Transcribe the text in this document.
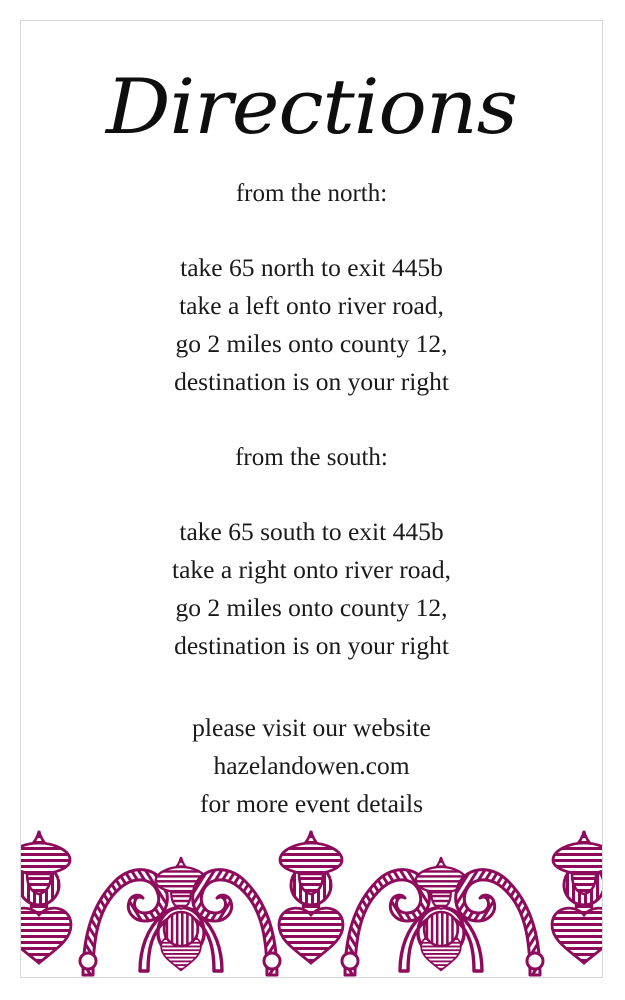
Directions

from the north:

take 65 north to exit 445b

take a left onto river road,

go 2 miles onto county 12,

destination is on your right

from the south:

take 65 south to exit 445b

take a right onto river road,

go 2 miles onto county 12,

destination is on your right

please visit our website

hazelandowen.com

for more event details
